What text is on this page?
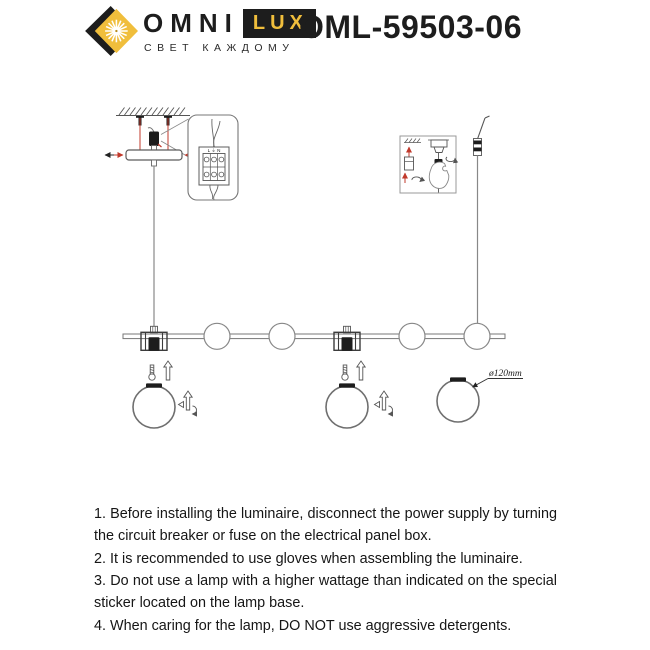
OMNI LUX
СВЕТ КАЖДОМУ
OML-59503-06
L ⏚ N
ø120mm

1. Before installing the luminaire, disconnect the power supply by turning the circuit breaker or fuse on the electrical panel box.

2. It is recommended to use gloves when assembling the luminaire.

3. Do not use a lamp with a higher wattage than indicated on the special sticker located on the lamp base.

4. When caring for the lamp, DO NOT use aggressive detergents.
